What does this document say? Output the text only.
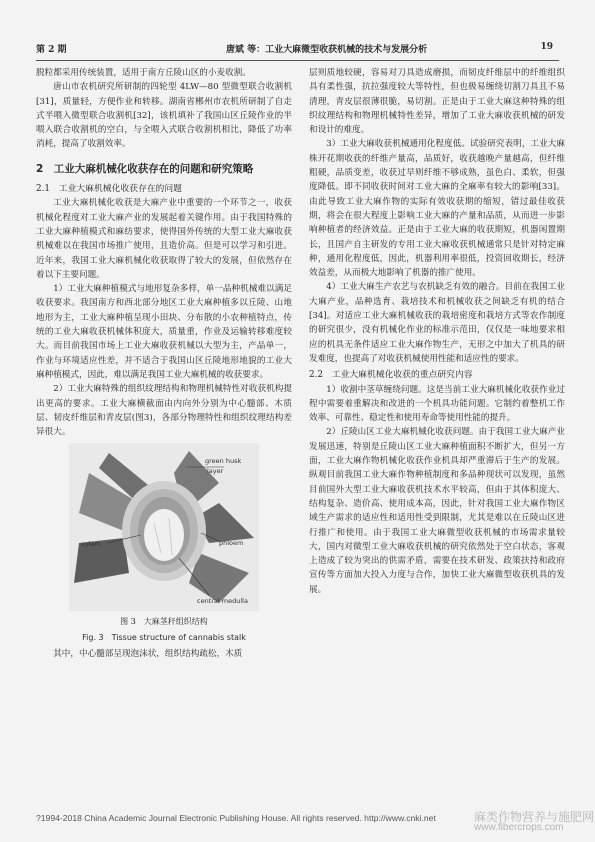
第 2 期	唐斌 等：工业大麻微型收获机械的技术与发展分析	19

脱粒都采用传统装置，适用于南方丘陵山区的小麦收割。

唐山市农机研究所研制的四轮型 4LW—80 型微型联合收割机[31]，质量轻，方便作业和转移。湖南省郴州市农机所研制了自走式半喂入微型联合收割机[32]，该机填补了我国山区丘陵作业的半喂入联合收割机的空白，与全喂入式联合收割机相比，降低了功率消耗，提高了收割效率。

2　工业大麻机械化收获存在的问题和研究策略
2.1　工业大麻机械化收获存在的问题

工业大麻机械化收获是大麻产业中重要的一个环节之一，收获机械化程度对工业大麻产业的发展起着关键作用。由于我国特殊的工业大麻种植模式和麻纺要求，使得国外传统的大型工业大麻收获机械难以在我国市场推广使用，且造价高。但是可以学习和引进。近年来，我国工业大麻机械化收获取得了较大的发展，但依然存在着以下主要问题。

1）工业大麻种植模式与地形复杂多样，单一品种机械难以满足收获要求。我国南方和西北部分地区工业大麻种植多以丘陵、山地地形为主，工业大麻种植呈现小田块、分布散的小农种植特点，传统的工业大麻收获机械体积庞大，质量重，作业及运输转移难度较大。而目前我国市场上工业大麻收获机械以大型为主，产品单一，作业与环境适应性差，并不适合于我国山区丘陵地形地貌的工业大麻种植模式，因此，难以满足我国工业大麻机械的收获要求。

2）工业大麻特殊的组织纹理结构和物理机械特性对收获机构提出更高的要求。工业大麻横截面由内向外分别为中心髓部、木质层、韧皮纤维层和青皮层(图3)，各部分物理特性和组织纹理结构差异很大。

green husk
layer
xylem	phloem
central medulla
图 3　大麻茎秆组织结构
Fig. 3　Tissue structure of cannabis stalk

其中，中心髓部呈现泡沫状，组织结构疏松，木质

层则质地较硬，容易对刀具造成磨损，而韧皮纤维层中的纤维组织具有柔性强，抗拉强度较大等特性，但也极易缠绕切割刀具且不易清理，青皮层很薄很脆，易切割。正是由于工业大麻这种特殊的组织纹理结构和物理机械特性差异，增加了工业大麻收获机械的研发和设计的难度。

3）工业大麻收获机械通用化程度低。试验研究表明，工业大麻株开花期收获的纤维产量高，品质好，收获越晚产量越高，但纤维粗硬，品质变差，收获过早则纤维不够成熟，虽色白、柔软，但强度降低。即不同收获时间对工业大麻的全麻率有较大的影响[33]。由此导致工业大麻作物的实际有效收获期的缩短，错过最佳收获期，将会在很大程度上影响工业大麻的产量和品质，从而进一步影响种植者的经济效益。正是由于工业大麻的收获期短，机器闲置期长，且国产自主研发的专用工业大麻收获机械通常只是针对特定麻种，通用化程度低，因此，机器利用率很低，投资回收期长，经济效益差，从而极大地影响了机器的推广使用。

4）工业大麻生产农艺与农机缺乏有效的融合。目前在我国工业大麻产业，品种选育、栽培技术和机械收获之间缺乏有机的结合[34]。对适应工业大麻机械收获的栽培密度和栽培方式等农作制度的研究很少，没有机械化作业的标准示范田，仅仅是一味地要求相应的机具无条件适应工业大麻作物生产，无形之中加大了机具的研发难度，也提高了对收获机械使用性能和适应性的要求。

2.2　工业大麻机械化收获的重点研究内容

1）收割中茎草缠绕问题。这是当前工业大麻机械化收获作业过程中需要着重解决和改进的一个机具功能问题。它制约着整机工作效率、可靠性、稳定性和使用寿命等使用性能的提升。

2）丘陵山区工业大麻机械化收获问题。由于我国工业大麻产业发展迅速，特别是丘陵山区工业大麻种植面积不断扩大，但另一方面，工业大麻作物机械化收获作业机具却严重滞后于生产的发展。纵观目前我国工业大麻作物种植制度和多品种现状可以发现，虽然目前国外大型工业大麻收获机技术水平较高，但由于其体积庞大、结构复杂、造价高、使用成本高，因此，针对我国工业大麻作物区域生产需求的适应性和适用性受到限制，尤其是难以在丘陵山区进行推广和使用。由于我国工业大麻微型收获机械的市场需求量较大，国内对微型工业大麻收获机械的研究依然处于空白状态，客观上造成了较为突出的供需矛盾，需要在技术研发、政策扶持和政府宣传等方面加大投入力度与合作，加快工业大麻微型收获机具的发展。

?1994-2018 China Academic Journal Electronic Publishing House. All rights reserved. http://www.cnki.net	麻类作物营养与施肥网
www.fibercrops.com
